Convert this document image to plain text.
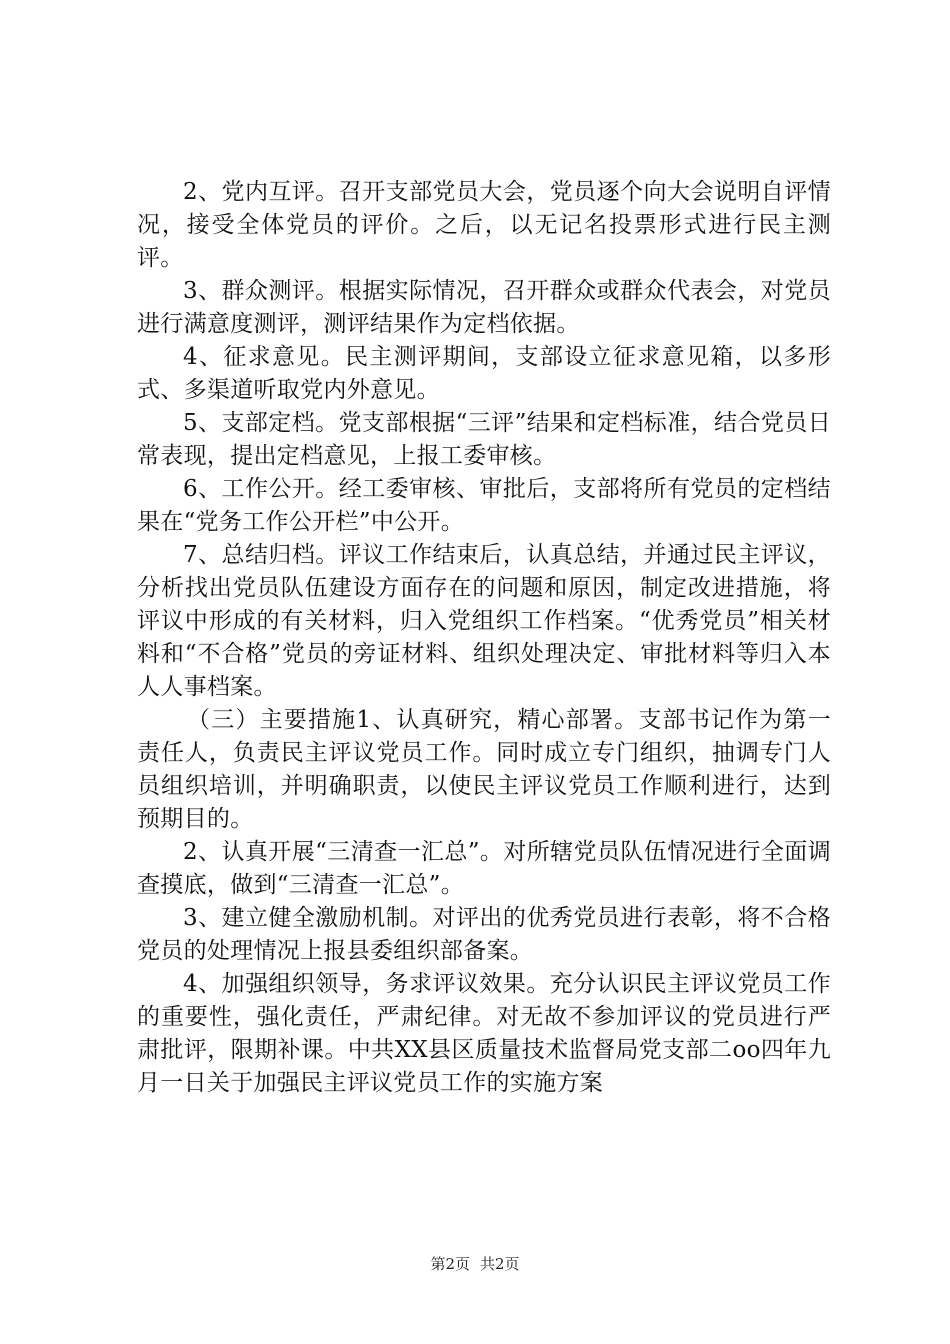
2、党内互评。召开支部党员大会，党员逐个向大会说明自评情况，接受全体党员的评价。之后，以无记名投票形式进行民主测评。

3、群众测评。根据实际情况，召开群众或群众代表会，对党员进行满意度测评，测评结果作为定档依据。

4、征求意见。民主测评期间，支部设立征求意见箱，以多形式、多渠道听取党内外意见。

5、支部定档。党支部根据“三评”结果和定档标准，结合党员日常表现，提出定档意见，上报工委审核。

6、工作公开。经工委审核、审批后，支部将所有党员的定档结果在“党务工作公开栏”中公开。

7、总结归档。评议工作结束后，认真总结，并通过民主评议，分析找出党员队伍建设方面存在的问题和原因，制定改进措施，将评议中形成的有关材料，归入党组织工作档案。“优秀党员”相关材料和“不合格”党员的旁证材料、组织处理决定、审批材料等归入本人人事档案。

（三）主要措施1、认真研究，精心部署。支部书记作为第一责任人，负责民主评议党员工作。同时成立专门组织，抽调专门人员组织培训，并明确职责，以使民主评议党员工作顺利进行，达到预期目的。

2、认真开展“三清查一汇总”。对所辖党员队伍情况进行全面调查摸底，做到“三清查一汇总”。

3、建立健全激励机制。对评出的优秀党员进行表彰，将不合格党员的处理情况上报县委组织部备案。

4、加强组织领导，务求评议效果。充分认识民主评议党员工作的重要性，强化责任，严肃纪律。对无故不参加评议的党员进行严肃批评，限期补课。中共XX县区质量技术监督局党支部二oo四年九月一日关于加强民主评议党员工作的实施方案

第2页 共2页
